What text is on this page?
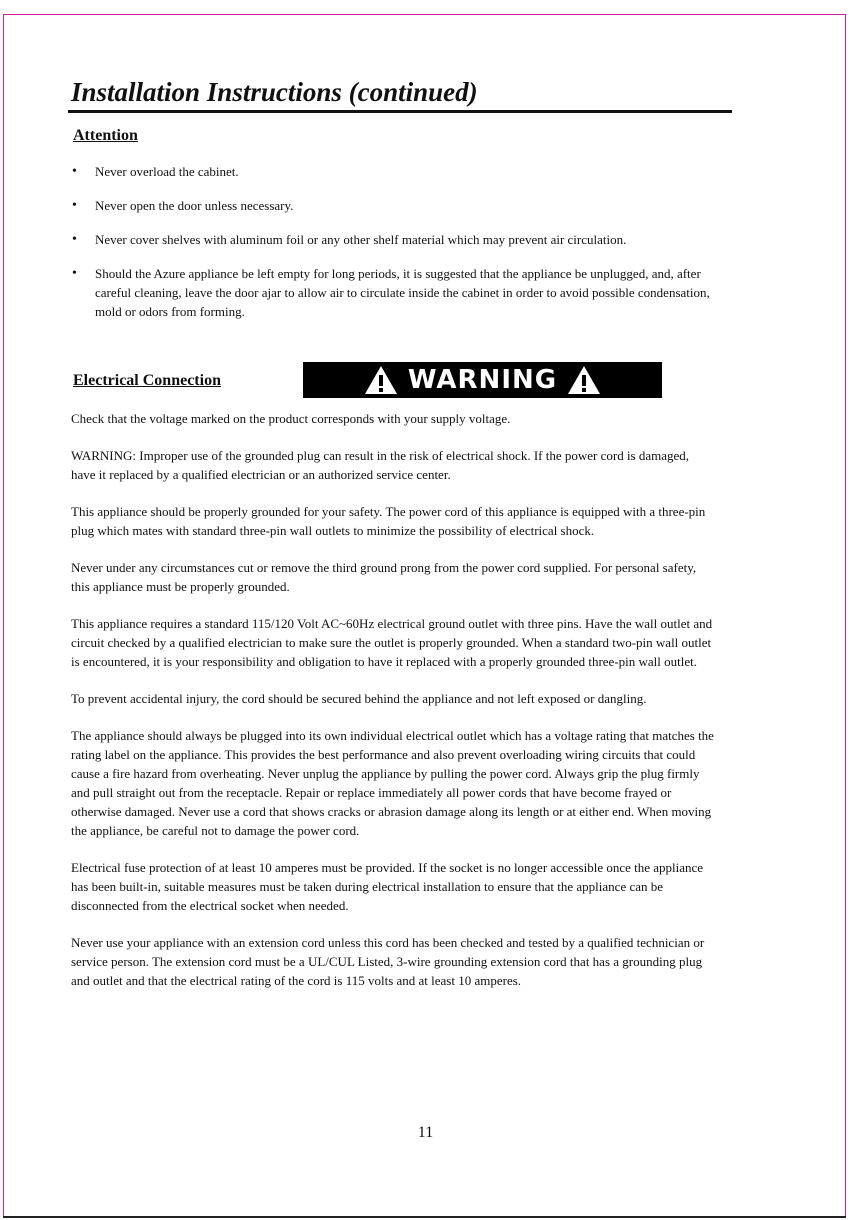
Installation Instructions (continued)
Attention
• Never overload the cabinet.
• Never open the door unless necessary.
• Never cover shelves with aluminum foil or any other shelf material which may prevent air circulation.
• Should the Azure appliance be left empty for long periods, it is suggested that the appliance be unplugged, and, after careful cleaning, leave the door ajar to allow air to circulate inside the cabinet in order to avoid possible condensation, mold or odors from forming.
Electrical Connection	WARNING

Check that the voltage marked on the product corresponds with your supply voltage.

WARNING: Improper use of the grounded plug can result in the risk of electrical shock. If the power cord is damaged, have it replaced by a qualified electrician or an authorized service center.

This appliance should be properly grounded for your safety. The power cord of this appliance is equipped with a three-pin plug which mates with standard three-pin wall outlets to minimize the possibility of electrical shock.

Never under any circumstances cut or remove the third ground prong from the power cord supplied. For personal safety, this appliance must be properly grounded.

This appliance requires a standard 115/120 Volt AC~60Hz electrical ground outlet with three pins. Have the wall outlet and circuit checked by a qualified electrician to make sure the outlet is properly grounded. When a standard two-pin wall outlet is encountered, it is your responsibility and obligation to have it replaced with a properly grounded three-pin wall outlet.

To prevent accidental injury, the cord should be secured behind the appliance and not left exposed or dangling.

The appliance should always be plugged into its own individual electrical outlet which has a voltage rating that matches the rating label on the appliance. This provides the best performance and also prevent overloading wiring circuits that could cause a fire hazard from overheating. Never unplug the appliance by pulling the power cord. Always grip the plug firmly and pull straight out from the receptacle. Repair or replace immediately all power cords that have become frayed or otherwise damaged. Never use a cord that shows cracks or abrasion damage along its length or at either end. When moving the appliance, be careful not to damage the power cord.

Electrical fuse protection of at least 10 amperes must be provided. If the socket is no longer accessible once the appliance has been built-in, suitable measures must be taken during electrical installation to ensure that the appliance can be disconnected from the electrical socket when needed.

Never use your appliance with an extension cord unless this cord has been checked and tested by a qualified technician or service person. The extension cord must be a UL/CUL Listed, 3-wire grounding extension cord that has a grounding plug and outlet and that the electrical rating of the cord is 115 volts and at least 10 amperes.

11
